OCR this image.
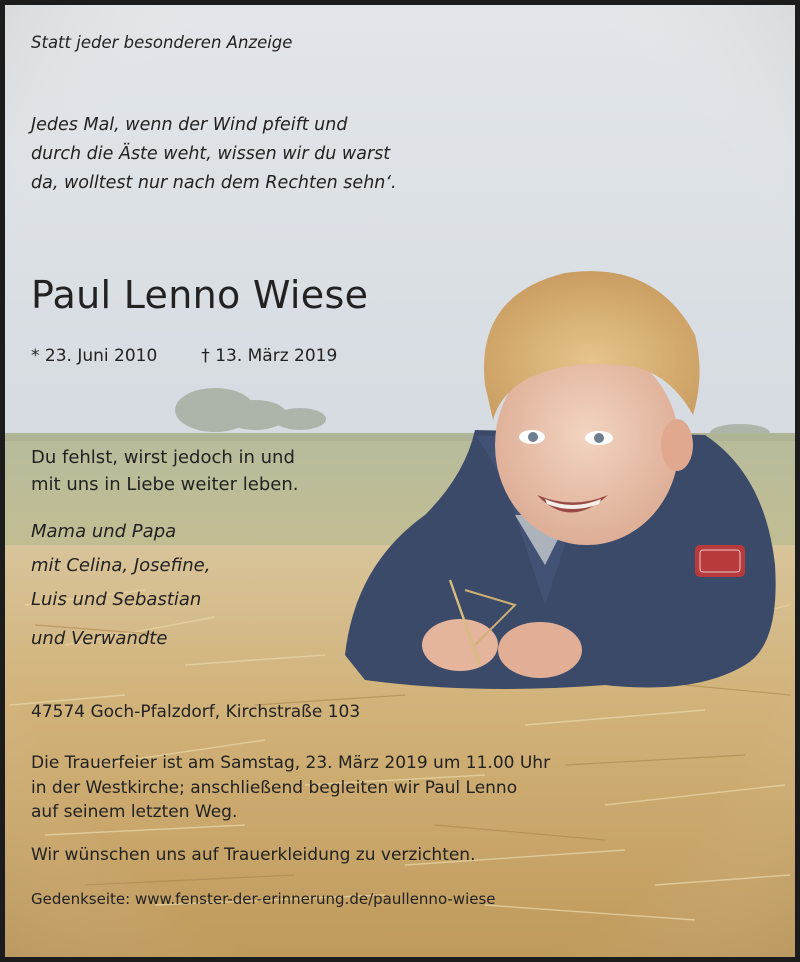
Statt jeder besonderen Anzeige

Jedes Mal, wenn der Wind pfeift und
durch die Äste weht, wissen wir du warst
da, wolltest nur nach dem Rechten sehn‘.

Paul Lenno Wiese

* 23. Juni 2010	† 13. März 2019

Du fehlst, wirst jedoch in und
mit uns in Liebe weiter leben.

Mama und Papa
mit Celina, Josefine,
Luis und Sebastian
und Verwandte

47574 Goch-Pfalzdorf, Kirchstraße 103

Die Trauerfeier ist am Samstag, 23. März 2019 um 11.00 Uhr
in der Westkirche; anschließend begleiten wir Paul Lenno
auf seinem letzten Weg.

Wir wünschen uns auf Trauerkleidung zu verzichten.

Gedenkseite: www.fenster-der-erinnerung.de/paullenno-wiese
